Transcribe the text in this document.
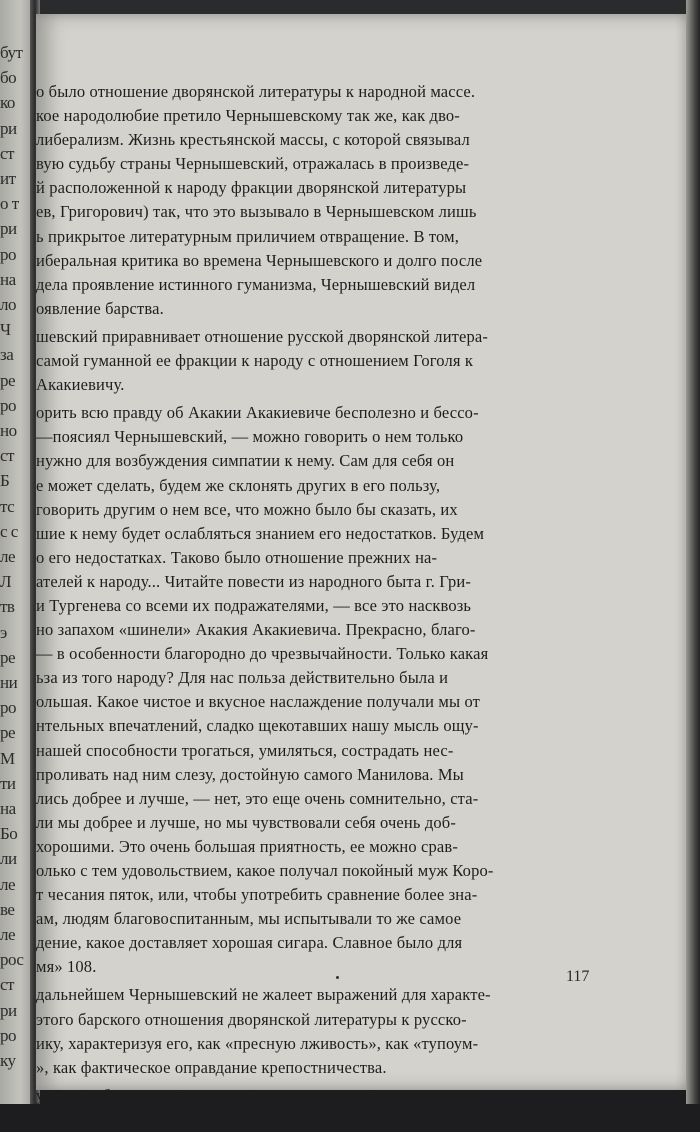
бут
бо
ко
ри
ст
ит
о т
ри
ро
на
ло
Ч
за
ре
ро
но
ст
Б
тс
с с
ле
Л
тв
э
ре
ни
ро
ре
М
ти
на
Бо
ли
ле
ве
ле
рос
ст
ри
ро
ку
о было отношение дворянской литературы к народной массе.
кое народолюбие претило Чернышевскому так же, как дво-
либерализм. Жизнь крестьянской массы, с которой связывал
вую судьбу страны Чернышевский, отражалась в произведе-
й расположенной к народу фракции дворянской литературы
ев, Григорович) так, что это вызывало в Чернышевском лишь
ь прикрытое литературным приличием отвращение. В том,
иберальная критика во времена Чернышевского и долго после
дела проявление истинного гуманизма, Чернышевский видел
оявление барства.
шевский приравнивает отношение русской дворянской литера-
самой гуманной ее фракции к народу с отношением Гоголя к
Акакиевичу.
орить всю правду об Акакии Акакиевиче бесполезно и бессо-
—поясиял Чернышевский, — можно говорить о нем только
нужно для возбуждения симпатии к нему. Сам для себя он
е может сделать, будем же склонять других в его пользу,
говорить другим о нем все, что можно было бы сказать, их
шие к нему будет ослабляться знанием его недостатков. Будем
о его недостатках. Таково было отношение прежних на-
ателей к народу... Читайте повести из народного быта г. Гри-
и Тургенева со всеми их подражателями, — все это насквозь
но запахом «шинели» Акакия Акакиевича. Прекрасно, благо-
— в особенности благородно до чрезвычайности. Только какая
ьза из того народу? Для нас польза действительно была и
ольшая. Какое чистое и вкусное наслаждение получали мы от
нтельных впечатлений, сладко щекотавших нашу мысль ощу-
нашей способности трогаться, умиляться, сострадать нес-
проливать над ним слезу, достойную самого Манилова. Мы
лись добрее и лучше, — нет, это еще очень сомнительно, ста-
ли мы добрее и лучше, но мы чувствовали себя очень доб-
хорошими. Это очень большая приятность, ее можно срав-
олько с тем удовольствием, какое получал покойный муж Коро-
т чесания пяток, или, чтобы употребить сравнение более зна-
ам, людям благовоспитанным, мы испытывали то же самое
дение, какое доставляет хорошая сигара. Славное было для
мя» 108.
дальнейшем Чернышевский не жалеет выражений для характе-
этого барского отношения дворянской литературы к русско-
ику, характеризуя его, как «пресную лживость», как «тупоум-
», как фактическое оправдание крепостничества.
ующим обстоятельством, которое вызывало негодование Чер-
ского к дворянской литературе, была неспособность ее вопло-
117
